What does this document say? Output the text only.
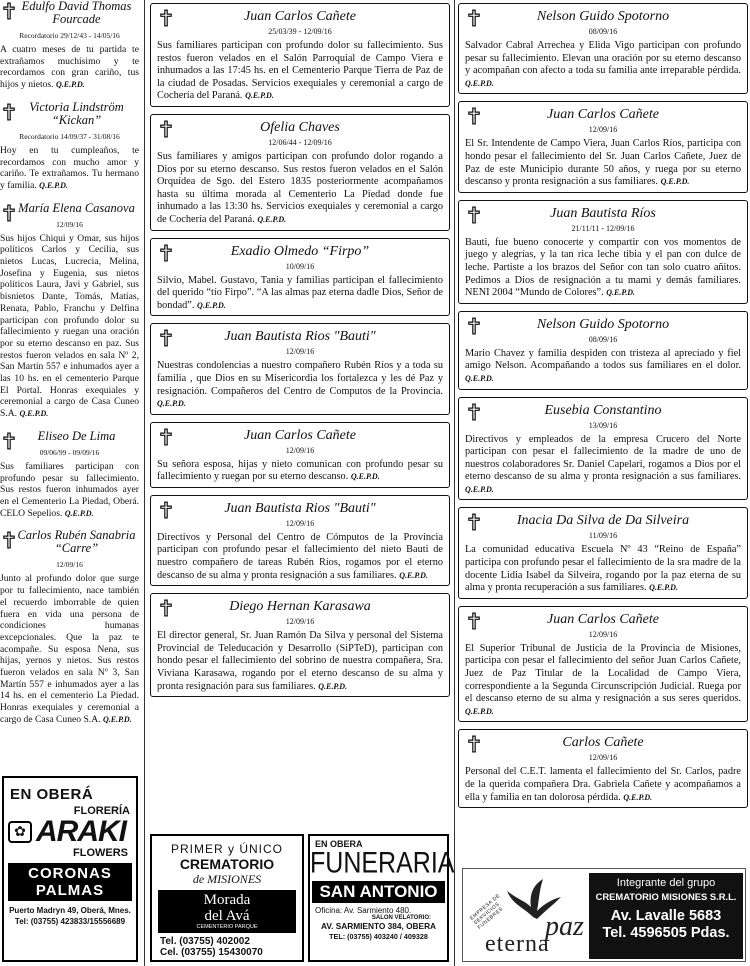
Edulfo David Thomas Fourcade
Recordatorio 29/12/43 - 14/05/16
A cuatro meses de tu partida te extrañamos muchísimo y te recordamos con gran cariño, tus hijos y nietos. Q.E.P.D.
Victoria Lindström “Kickan”
Recordatorio 14/09/37 - 31/08/16
Hoy en tu cumpleaños, te recordamos con mucho amor y cariño. Te extrañamos. Tu hermano y familia. Q.E.P.D.
María Elena Casanova
12/09/16
Sus hijos Chiqui y Omar, sus hijos políticos Carlos y Cecilia, sus nietos Lucas, Lucrecia, Melina, Josefina y Eugenia, sus nietos políticos Laura, Javi y Gabriel, sus bisnietos Dante, Tomás, Matías, Renata, Pablo, Franchu y Delfina participan con profundo dolor su fallecimiento y ruegan una oración por su eterno descanso en paz. Sus restos fueron velados en sala Nº 2, San Martín 557 e inhumados ayer a las 10 hs. en el cementerio Parque El Portal. Honras exequiales y ceremonial a cargo de Casa Cuneo S.A. Q.E.P.D.
Eliseo De Lima
09/06/99 - 09/09/16
Sus familiares participan con profundo pesar su fallecimiento. Sus restos fueron inhumados ayer en el Cementerio La Piedad, Oberá. CELO Sepelios. Q.E.P.D.
Carlos Rubén Sanabria “Carre”
12/09/16
Junto al profundo dolor que surge por tu fallecimiento, nace también el recuerdo imborrable de quien fuera en vida una persona de condiciones humanas excepcionales. Que la paz te acompañe. Su esposa Nena, sus hijas, yernos y nietos. Sus restos fueron velados en sala Nº 3, San Martín 557 e inhumados ayer a las 14 hs. en el cementerio La Piedad. Honras exequiales y ceremonial a cargo de Casa Cuneo S.A. Q.E.P.D.
Juan Carlos Cañete
25/03/39 - 12/09/16
Sus familiares participan con profundo dolor su fallecimiento. Sus restos fueron velados en el Salón Parroquial de Campo Viera e inhumados a las 17:45 hs. en el Cementerio Parque Tierra de Paz de la ciudad de Posadas. Servicios exequiales y ceremonial a cargo de Cochería del Paraná. Q.E.P.D.
Ofelia Chaves
12/06/44 - 12/09/16
Sus familiares y amigos participan con profundo dolor rogando a Dios por su eterno descanso. Sus restos fueron velados en el Salón Orquídea de Sgo. del Estero 1835 posteriormente acompañamos hasta su última morada al Cementerio La Piedad donde fue inhumado a las 13:30 hs. Servicios exequiales y ceremonial a cargo de Cochería del Paraná. Q.E.P.D.
Exadio Olmedo “Firpo”
10/09/16
Silvio, Mabel. Gustavo, Tania y familias participan el fallecimiento del querido “tío Firpo”. “A las almas paz eterna dadle Dios, Señor de bondad”. Q.E.P.D.
Juan Bautista Rios "Bauti"
12/09/16
Nuestras condolencias a nuestro compañero Rubén Ríos y a toda su familia , que Dios en su Misericordia los fortalezca y les dé Paz y resignación. Compañeros del Centro de Computos de la Provincia. Q.E.P.D.
Juan Carlos Cañete
12/09/16
Su señora esposa, hijas y nieto comunican con profundo pesar su fallecimiento y ruegan por su eterno descanso. Q.E.P.D.
Juan Bautista Rios "Bauti"
12/09/16
Directivos y Personal del Centro de Cómputos de la Provincia participan con profundo pesar el fallecimiento del nieto Bauti de nuestro compañero de tareas Rubén Ríos, rogamos por el eterno descanso de su alma y pronta resignación a sus familiares. Q.E.P.D.
Diego Hernan Karasawa
12/09/16
El director general, Sr. Juan Ramón Da Silva y personal del Sistema Provincial de Teleducación y Desarrollo (SiPTeD), participan con hondo pesar el fallecimiento del sobrino de nuestra compañera, Sra. Viviana Karasawa, rogando por el eterno descanso de su alma y pronta resignación para sus familiares. Q.E.P.D.
Nelson Guido Spotorno
08/09/16
Salvador Cabral Arrechea y Elida Vigo participan con profundo pesar su fallecimiento. Elevan una oración por su eterno descanso y acompañan con afecto a toda su familia ante irreparable pérdida. Q.E.P.D.
Juan Carlos Cañete
12/09/16
El Sr. Intendente de Campo Viera, Juan Carlos Ríos, participa con hondo pesar el fallecimiento del Sr. Juan Carlos Cañete, Juez de Paz de este Municipio durante 50 años, y ruega por su eterno descanso y pronta resignación a sus familiares. Q.E.P.D.
Juan Bautista Ríos
21/11/11 - 12/09/16
Bauti, fue bueno conocerte y compartir con vos momentos de juego y alegrías, y la tan rica leche tibia y el pan con dulce de leche. Partiste a los brazos del Señor con tan solo cuatro añitos. Pedimos a Dios de resignación a tu mami y demás familiares. NENI 2004 “Mundo de Colores”. Q.E.P.D.
Nelson Guido Spotorno
08/09/16
Mario Chavez y familia despiden con tristeza al apreciado y fiel amigo Nelson. Acompañando a todos sus familiares en el dolor. Q.E.P.D.
Eusebia Constantino
13/09/16
Directivos y empleados de la empresa Crucero del Norte participan con pesar el fallecimiento de la madre de uno de nuestros colaboradores Sr. Daniel Capelari, rogamos a Dios por el eterno descanso de su alma y pronta resignación a sus familiares. Q.E.P.D.
Inacia Da Silva de Da Silveira
11/09/16
La comunidad educativa Escuela Nº 43 “Reino de España” participa con profundo pesar el fallecimiento de la sra madre de la docente Lidia Isabel da Silveira, rogando por la paz eterna de su alma y pronta recuperación a sus familiares. Q.E.P.D.
Juan Carlos Cañete
12/09/16
El Superior Tribunal de Justicia de la Provincia de Misiones, participa con pesar el fallecimiento del señor Juan Carlos Cañete, Juez de Paz Titular de la Localidad de Campo Viera, correspondiente a la Segunda Circunscripción Judicial. Ruega por el descanso eterno de su alma y resignación a sus seres queridos. Q.E.P.D.
Carlos Cañete
12/09/16
Personal del C.E.T. lamenta el fallecimiento del Sr. Carlos, padre de la querida compañera Dra. Gabriela Cañete y acompañamos a ella y familia en tan dolorosa pérdida. Q.E.P.D.
EN OBERÁ
FLORERÍA
✿ ARAKI
FLOWERS
CORONAS
PALMAS
Puerto Madryn 49, Oberá, Mnes.
Tel: (03755) 423833/15556689
PRIMER y ÚNICO
CREMATORIO
de MISIONES
Morada
del Avá
CEMENTERIO PARQUE
Tel. (03755) 402002
Cel. (03755) 15430070
EN OBERA
FUNERARIA
SAN ANTONIO
Oficina: Av. Sarmiento 480.
SALON VELATORIO:
AV. SARMIENTO 384, OBERA
TEL: (03755) 403240 / 409328
EMPRESA DE SERVICIOS FUNEBRES	paz
eterna
Integrante del grupo
CREMATORIO MISIONES S.R.L.
Av. Lavalle 5683
Tel. 4596505 Pdas.
